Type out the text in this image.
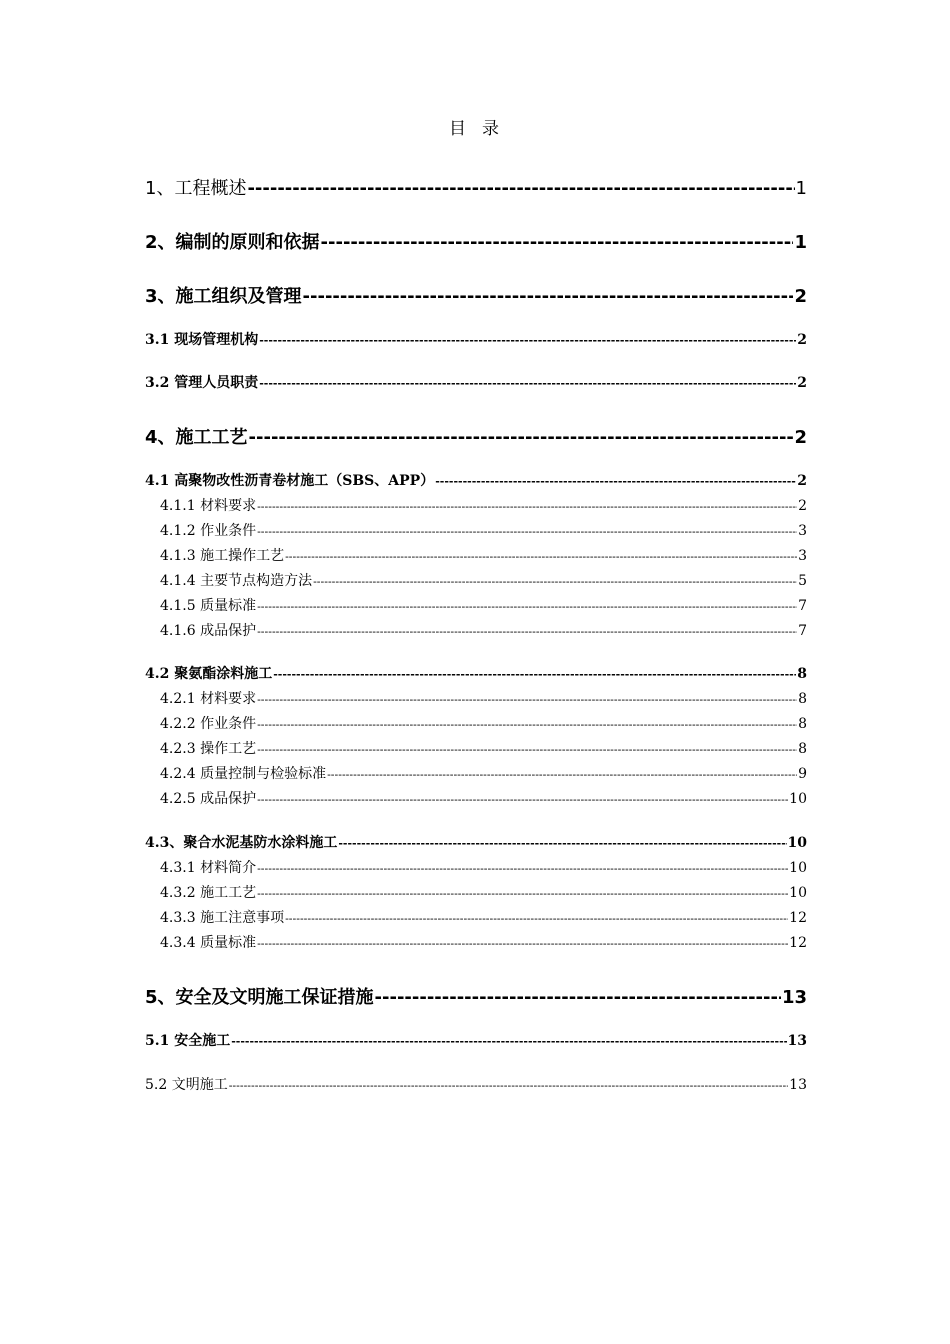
目 录
1、工程概述 -----	1
2、编制的原则和依据 -----	1
3、施工组织及管理 -----	2
3.1 现场管理机构 -----	2
3.2 管理人员职责 -----	2
4、施工工艺 -----	2
4.1 高聚物改性沥青卷材施工（SBS、APP） -----	2
4.1.1 材料要求 -----	2
4.1.2 作业条件 -----	3
4.1.3 施工操作工艺 -----	3
4.1.4 主要节点构造方法 -----	5
4.1.5 质量标准 -----	7
4.1.6 成品保护 -----	7
4.2 聚氨酯涂料施工 -----	8
4.2.1 材料要求 -----	8
4.2.2 作业条件 -----	8
4.2.3 操作工艺 -----	8
4.2.4 质量控制与检验标准 -----	9
4.2.5 成品保护 -----	10
4.3、聚合水泥基防水涂料施工 -----	10
4.3.1 材料简介 -----	10
4.3.2 施工工艺 -----	10
4.3.3 施工注意事项 -----	12
4.3.4 质量标准 -----	12
5、安全及文明施工保证措施 -----	13
5.1 安全施工 -----	13
5.2 文明施工 -----	13
